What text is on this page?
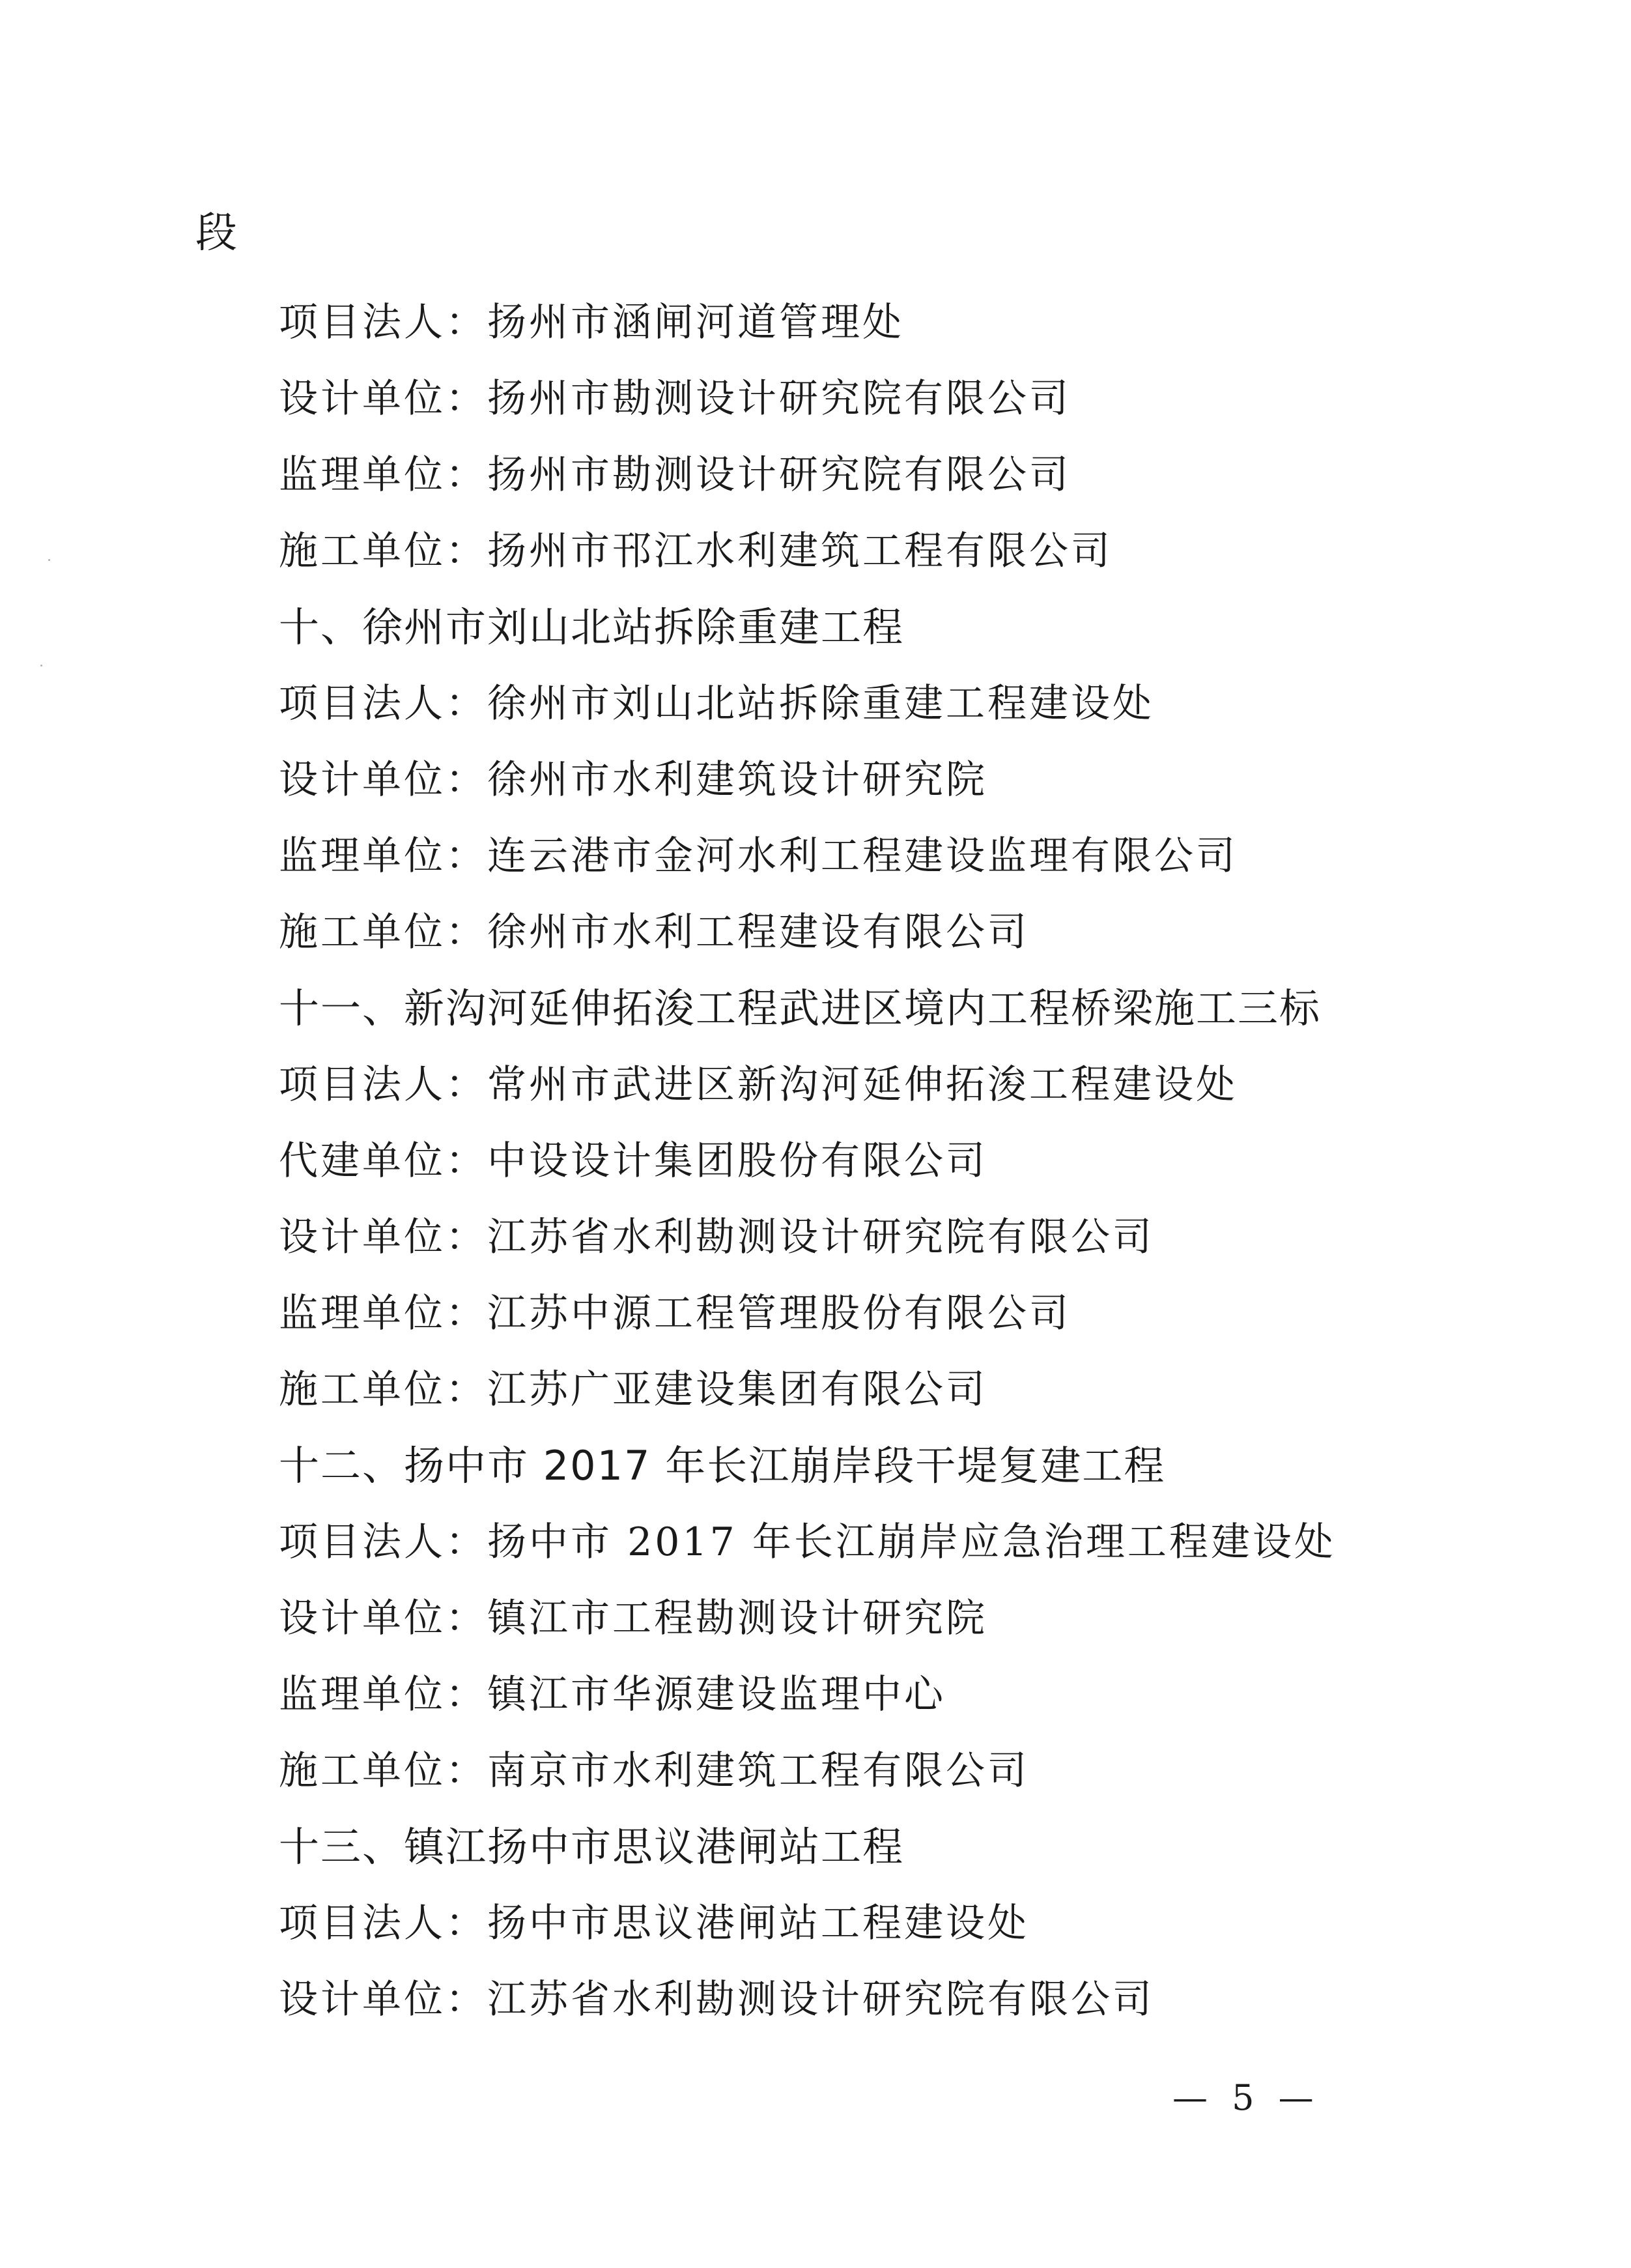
段
项目法人：扬州市涵闸河道管理处
设计单位：扬州市勘测设计研究院有限公司
监理单位：扬州市勘测设计研究院有限公司
施工单位：扬州市邗江水利建筑工程有限公司
十、徐州市刘山北站拆除重建工程
项目法人：徐州市刘山北站拆除重建工程建设处
设计单位：徐州市水利建筑设计研究院
监理单位：连云港市金河水利工程建设监理有限公司
施工单位：徐州市水利工程建设有限公司
十一、新沟河延伸拓浚工程武进区境内工程桥梁施工三标
项目法人：常州市武进区新沟河延伸拓浚工程建设处
代建单位：中设设计集团股份有限公司
设计单位：江苏省水利勘测设计研究院有限公司
监理单位：江苏中源工程管理股份有限公司
施工单位：江苏广亚建设集团有限公司
十二、扬中市 2017 年长江崩岸段干堤复建工程
项目法人：扬中市 2017 年长江崩岸应急治理工程建设处
设计单位：镇江市工程勘测设计研究院
监理单位：镇江市华源建设监理中心
施工单位：南京市水利建筑工程有限公司
十三、镇江扬中市思议港闸站工程
项目法人：扬中市思议港闸站工程建设处
设计单位：江苏省水利勘测设计研究院有限公司
— 5 —
